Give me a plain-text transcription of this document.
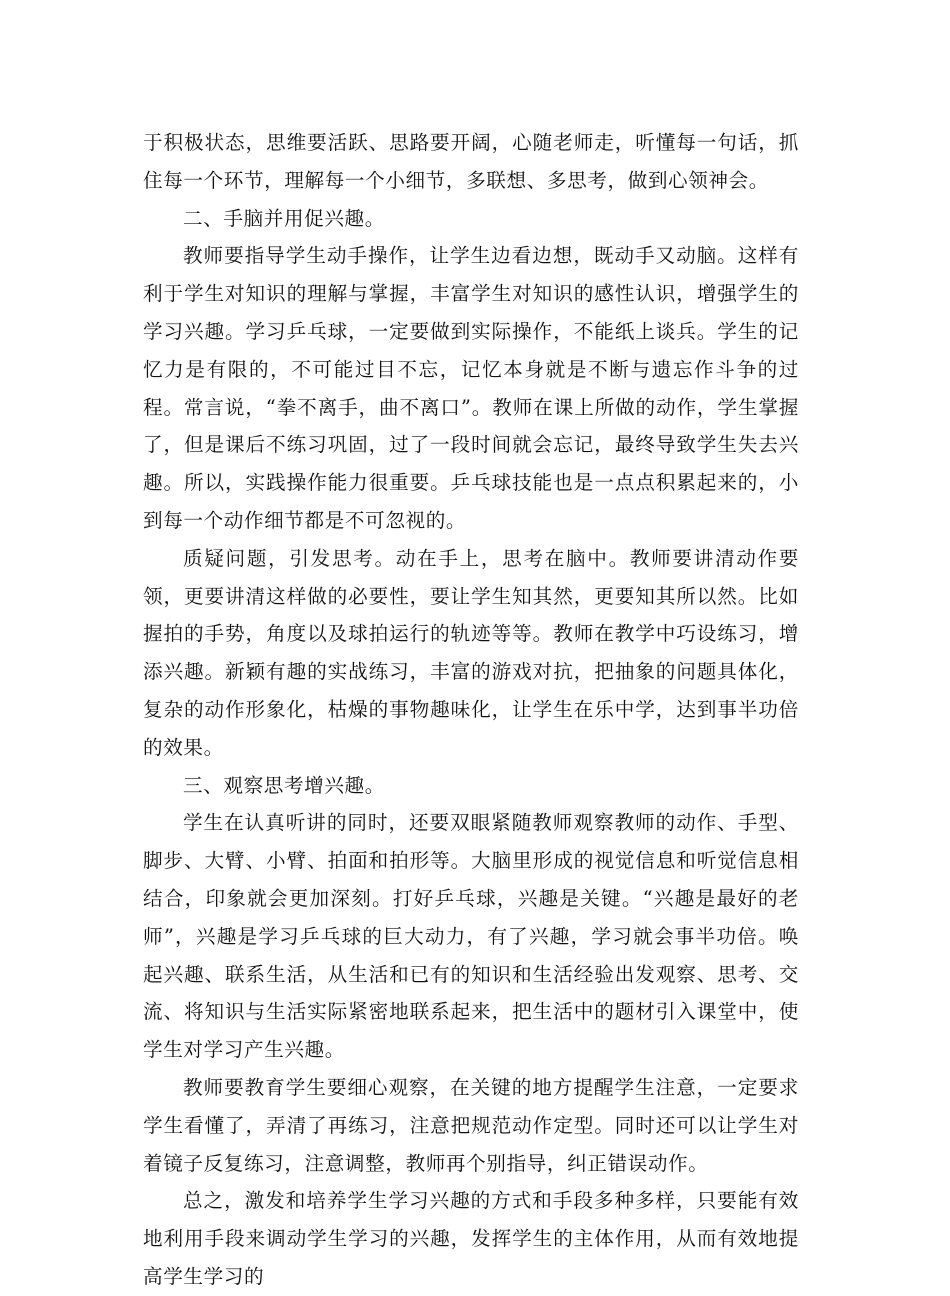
于积极状态，思维要活跃、思路要开阔，心随老师走，听懂每一句话，抓住每一个环节，理解每一个小细节，多联想、多思考，做到心领神会。

二、手脑并用促兴趣。

教师要指导学生动手操作，让学生边看边想，既动手又动脑。这样有利于学生对知识的理解与掌握，丰富学生对知识的感性认识，增强学生的学习兴趣。学习乒乓球，一定要做到实际操作，不能纸上谈兵。学生的记忆力是有限的，不可能过目不忘，记忆本身就是不断与遗忘作斗争的过程。常言说，“拳不离手，曲不离口”。教师在课上所做的动作，学生掌握了，但是课后不练习巩固，过了一段时间就会忘记，最终导致学生失去兴趣。所以，实践操作能力很重要。乒乓球技能也是一点点积累起来的，小到每一个动作细节都是不可忽视的。

质疑问题，引发思考。动在手上，思考在脑中。教师要讲清动作要领，更要讲清这样做的必要性，要让学生知其然，更要知其所以然。比如握拍的手势，角度以及球拍运行的轨迹等等。教师在教学中巧设练习，增添兴趣。新颖有趣的实战练习，丰富的游戏对抗，把抽象的问题具体化，复杂的动作形象化，枯燥的事物趣味化，让学生在乐中学，达到事半功倍的效果。

三、观察思考增兴趣。

学生在认真听讲的同时，还要双眼紧随教师观察教师的动作、手型、脚步、大臂、小臂、拍面和拍形等。大脑里形成的视觉信息和听觉信息相结合，印象就会更加深刻。打好乒乓球，兴趣是关键。“兴趣是最好的老师”，兴趣是学习乒乓球的巨大动力，有了兴趣，学习就会事半功倍。唤起兴趣、联系生活，从生活和已有的知识和生活经验出发观察、思考、交流、将知识与生活实际紧密地联系起来，把生活中的题材引入课堂中，使学生对学习产生兴趣。

教师要教育学生要细心观察，在关键的地方提醒学生注意，一定要求学生看懂了，弄清了再练习，注意把规范动作定型。同时还可以让学生对着镜子反复练习，注意调整，教师再个别指导，纠正错误动作。

总之，激发和培养学生学习兴趣的方式和手段多种多样，只要能有效地利用手段来调动学生学习的兴趣，发挥学生的主体作用，从而有效地提高学生学习的
